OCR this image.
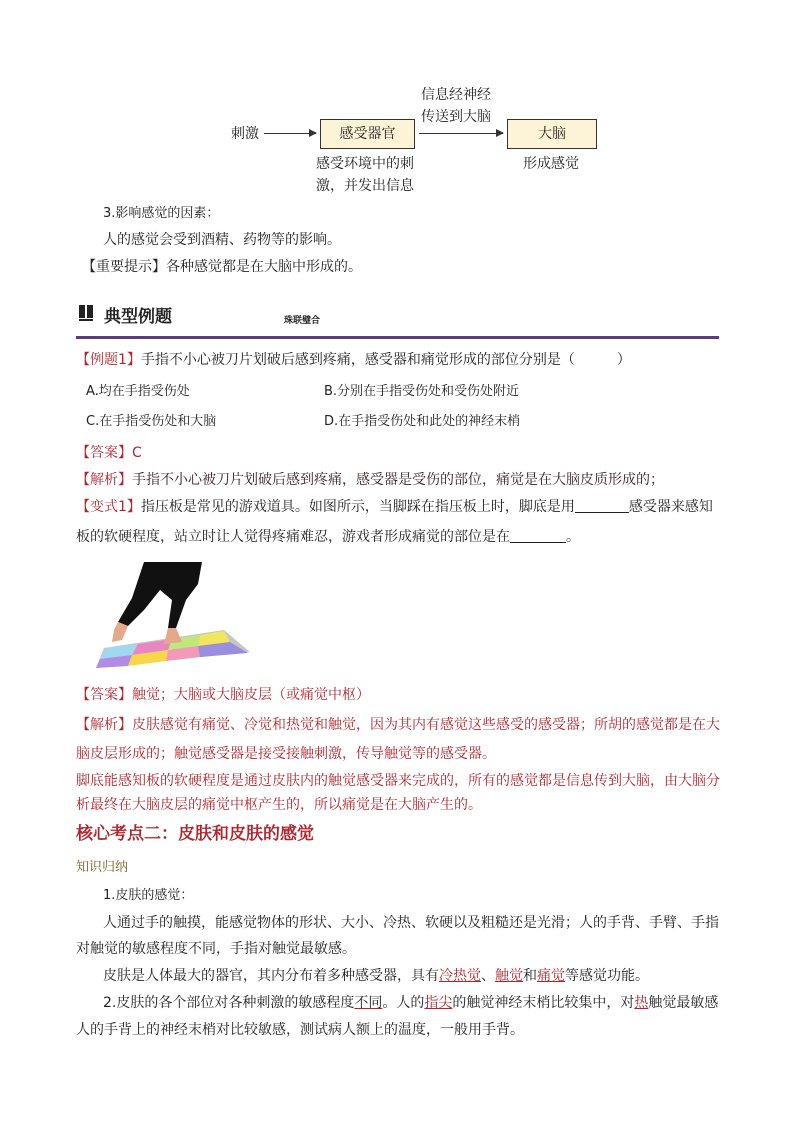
刺激	感受器官
感受环境中的刺
激，并发出信息
信息经神经
传送到大脑
大脑
形成感觉
3.影响感觉的因素：
人的感觉会受到酒精、药物等的影响。
【重要提示】各种感觉都是在大脑中形成的。
典型例题	珠联璧合
【例题1】手指不小心被刀片划破后感到疼痛，感受器和痛觉形成的部位分别是（　　　）
A.均在手指受伤处	B.分别在手指受伤处和受伤处附近
C.在手指受伤处和大脑	D.在手指受伤处和此处的神经末梢
【答案】C
【解析】手指不小心被刀片划破后感到疼痛，感受器是受伤的部位，痛觉是在大脑皮质形成的；
【变式1】指压板是常见的游戏道具。如图所示，当脚踩在指压板上时，脚底是用	感受器来感知
板的软硬程度，站立时让人觉得疼痛难忍，游戏者形成痛觉的部位是在	。
【答案】触觉；大脑或大脑皮层（或痛觉中枢）
【解析】皮肤感觉有痛觉、冷觉和热觉和触觉，因为其内有感觉这些感受的感受器；所胡的感觉都是在大
脑皮层形成的；触觉感受器是接受接触刺激，传导触觉等的感受器。
脚底能感知板的软硬程度是通过皮肤内的触觉感受器来完成的，所有的感觉都是信息传到大脑，由大脑分
析最终在大脑皮层的痛觉中枢产生的，所以痛觉是在大脑产生的。
核心考点二：皮肤和皮肤的感觉
知识归纳
1.皮肤的感觉：
人通过手的触摸，能感觉物体的形状、大小、冷热、软硬以及粗糙还是光滑；人的手背、手臂、手指
对触觉的敏感程度不同，手指对触觉最敏感。
皮肤是人体最大的器官，其内分布着多种感受器，具有冷热觉、触觉和痛觉等感觉功能。
2.皮肤的各个部位对各种刺激的敏感程度不同。人的指尖的触觉神经末梢比较集中，对热触觉最敏感
人的手背上的神经末梢对比较敏感，测试病人额上的温度，一般用手背。
